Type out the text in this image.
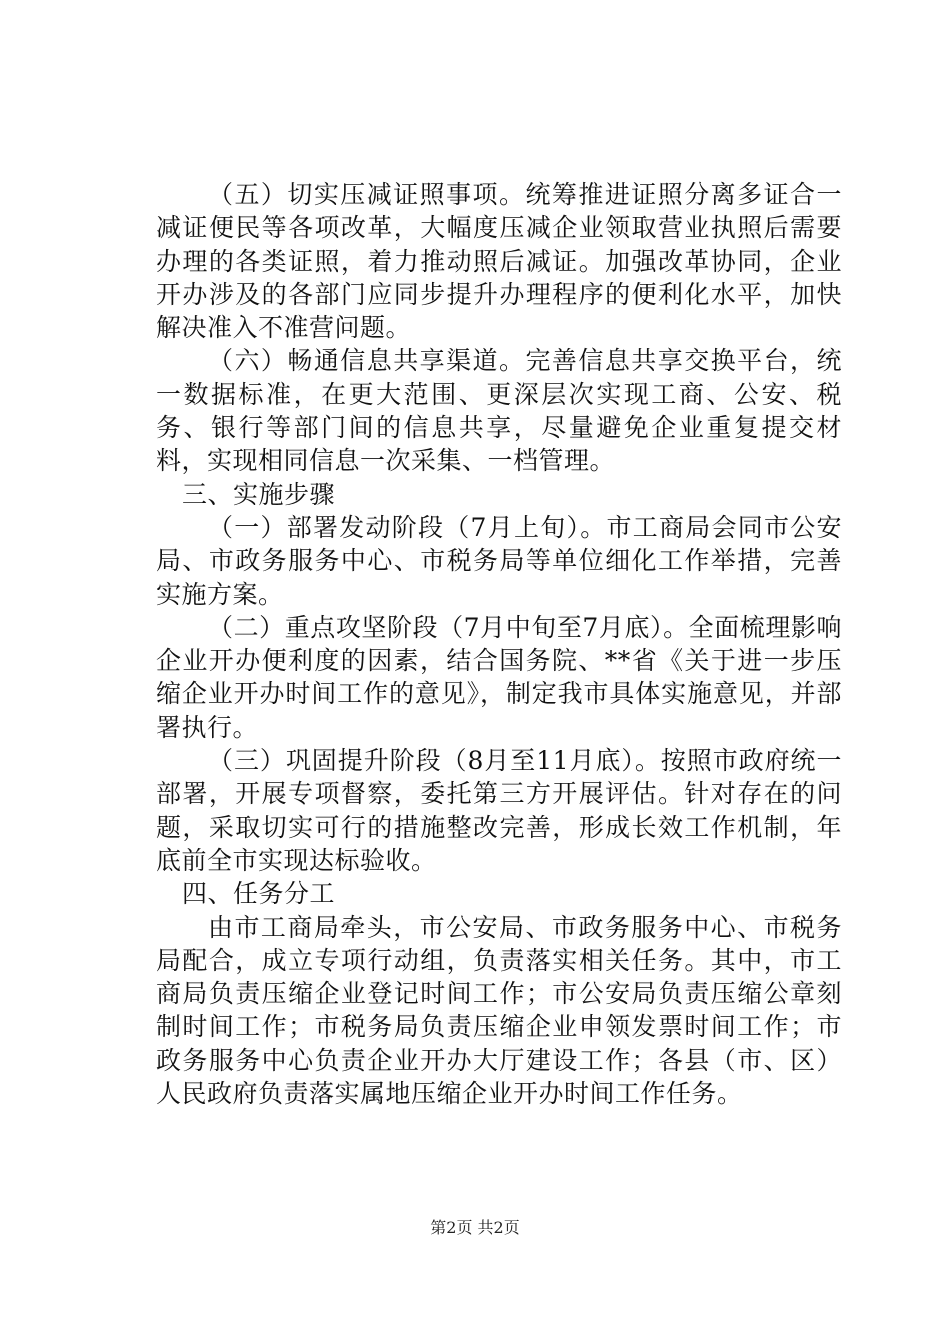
（五）切实压减证照事项。统筹推进证照分离多证合一减证便民等各项改革，大幅度压减企业领取营业执照后需要办理的各类证照，着力推动照后减证。加强改革协同，企业开办涉及的各部门应同步提升办理程序的便利化水平，加快解决准入不准营问题。

（六）畅通信息共享渠道。完善信息共享交换平台，统一数据标准，在更大范围、更深层次实现工商、公安、税务、银行等部门间的信息共享，尽量避免企业重复提交材料，实现相同信息一次采集、一档管理。

三、实施步骤

（一）部署发动阶段（7月上旬）。市工商局会同市公安局、市政务服务中心、市税务局等单位细化工作举措，完善实施方案。

（二）重点攻坚阶段（7月中旬至7月底）。全面梳理影响企业开办便利度的因素，结合国务院、**省《关于进一步压缩企业开办时间工作的意见》，制定我市具体实施意见，并部署执行。

（三）巩固提升阶段（8月至11月底）。按照市政府统一部署，开展专项督察，委托第三方开展评估。针对存在的问题，采取切实可行的措施整改完善，形成长效工作机制，年底前全市实现达标验收。

四、任务分工

由市工商局牵头，市公安局、市政务服务中心、市税务局配合，成立专项行动组，负责落实相关任务。其中，市工商局负责压缩企业登记时间工作；市公安局负责压缩公章刻制时间工作；市税务局负责压缩企业申领发票时间工作；市政务服务中心负责企业开办大厅建设工作；各县（市、区）人民政府负责落实属地压缩企业开办时间工作任务。

第2页 共2页
